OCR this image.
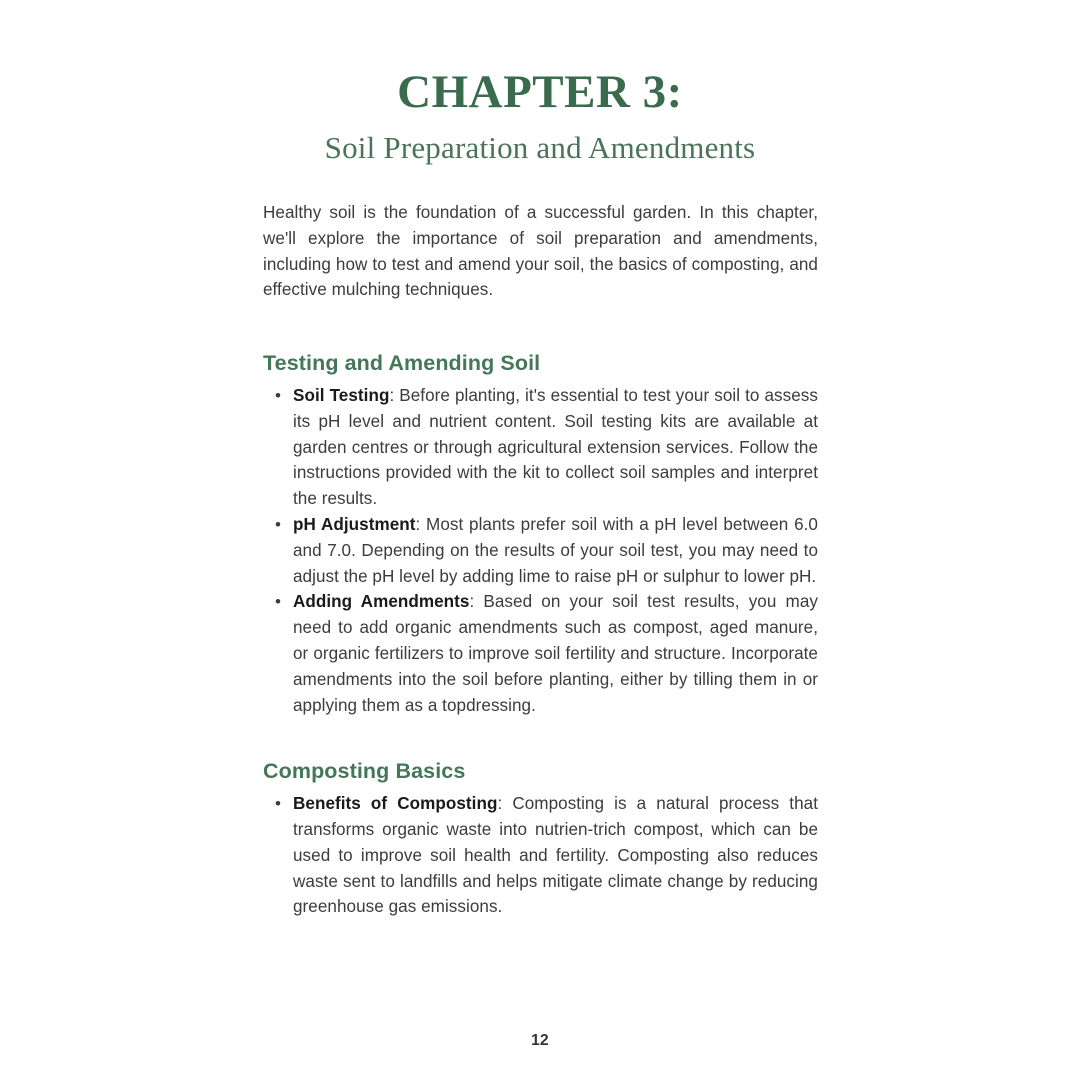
CHAPTER 3:
Soil Preparation and Amendments

Healthy soil is the foundation of a successful garden. In this chapter, we'll explore the importance of soil preparation and amendments, including how to test and amend your soil, the basics of composting, and effective mulching techniques.

Testing and Amending Soil
• Soil Testing: Before planting, it's essential to test your soil to assess its pH level and nutrient content. Soil testing kits are available at garden centres or through agricultural extension services. Follow the instructions provided with the kit to collect soil samples and interpret the results.
• pH Adjustment: Most plants prefer soil with a pH level between 6.0 and 7.0. Depending on the results of your soil test, you may need to adjust the pH level by adding lime to raise pH or sulphur to lower pH.
• Adding Amendments: Based on your soil test results, you may need to add organic amendments such as compost, aged manure, or organic fertilizers to improve soil fertility and structure. Incorporate amendments into the soil before planting, either by tilling them in or applying them as a topdressing.
Composting Basics
• Benefits of Composting: Composting is a natural process that transforms organic waste into nutrien-trich compost, which can be used to improve soil health and fertility. Composting also reduces waste sent to landfills and helps mitigate climate change by reducing greenhouse gas emissions.
12
